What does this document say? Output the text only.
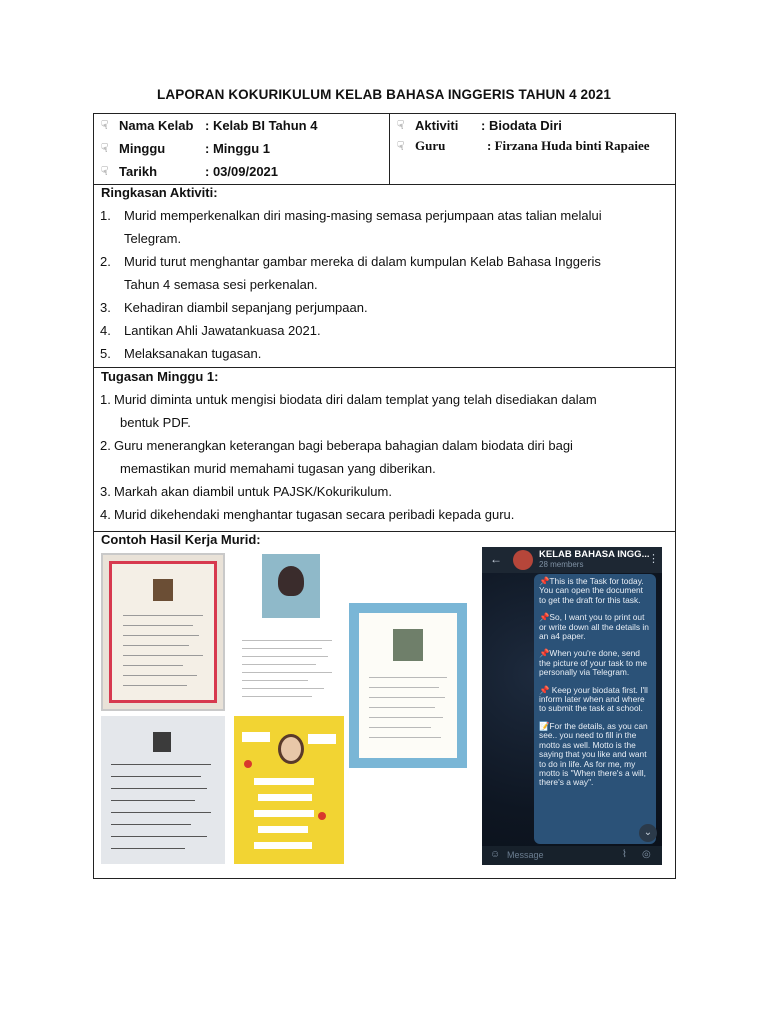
LAPORAN KOKURIKULUM KELAB BAHASA INGGERIS TAHUN 4 2021
☟ Nama Kelab : Kelab BI Tahun 4
☟ Minggu	: Minggu 1
☟ Tarikh	: 03/09/2021
☟ Aktiviti	: Biodata Diri
☟ Guru	: Firzana Huda binti Rapaiee
Ringkasan Aktiviti:
1.	Murid memperkenalkan diri masing-masing semasa perjumpaan atas talian melalui
Telegram.
2.	Murid turut menghantar gambar mereka di dalam kumpulan Kelab Bahasa Inggeris
Tahun 4 semasa sesi perkenalan.
3.	Kehadiran diambil sepanjang perjumpaan.
4.	Lantikan Ahli Jawatankuasa 2021.
5.	Melaksanakan tugasan.
Tugasan Minggu 1:
1. Murid diminta untuk mengisi biodata diri dalam templat yang telah disediakan dalam
bentuk PDF.
2. Guru menerangkan keterangan bagi beberapa bahagian dalam biodata diri bagi
memastikan murid memahami tugasan yang diberikan.
3. Markah akan diambil untuk PAJSK/Kokurikulum.
4. Murid dikehendaki menghantar tugasan secara peribadi kepada guru.
Contoh Hasil Kerja Murid:
←	KELAB BAHASA INGG...
28 members	⋮

📌This is the Task for today. You can open the document to get the draft for this task.

📌So, I want you to print out or write down all the details in an a4 paper.

📌When you're done, send the picture of your task to me personally via Telegram.

📌 Keep your biodata first. I'll inform later when and where to submit the task at school.

📝For the details, as you can see.. you need to fill in the motto as well. Motto is the saying that you like and want to do in life. As for me, my motto is "When there's a will, there's a way".

⌄
☺ Message	⌇ ◎
